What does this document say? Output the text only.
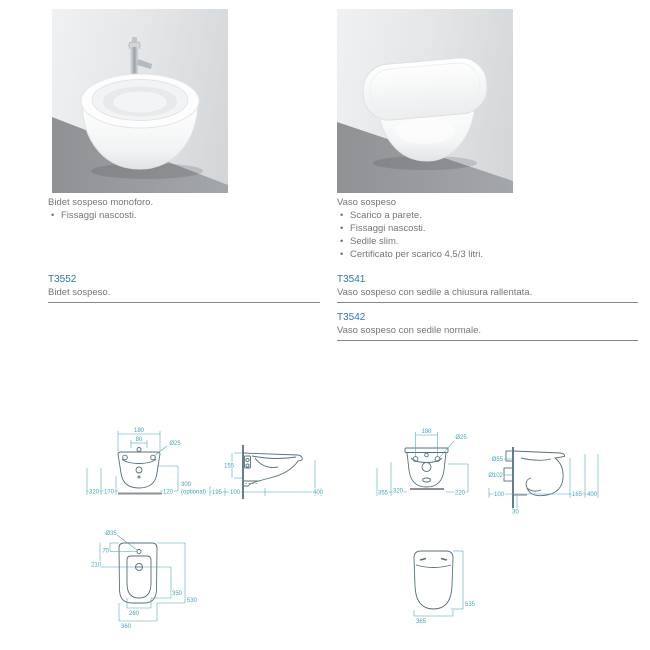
Bidet sospeso monoforo.
• Fissaggi nascosti.
Vaso sospeso
• Scarico a parete.
• Fissaggi nascosti.
• Sedile slim.
• Certificato per scarico 4,5/3 litri.
T3552
Bidet sospeso.
T3541
Vaso sospeso con sedile a chiusura rallentata.
T3542
Vaso sospeso con sedile normale.
180
80
Ø25
320 170	120
300
(optional)
155
195 100	400
180
Ø25
355 320	220
Ø55
Ø102
100	165 400
30
Ø35
70
210
350
530
260
360
535
365
